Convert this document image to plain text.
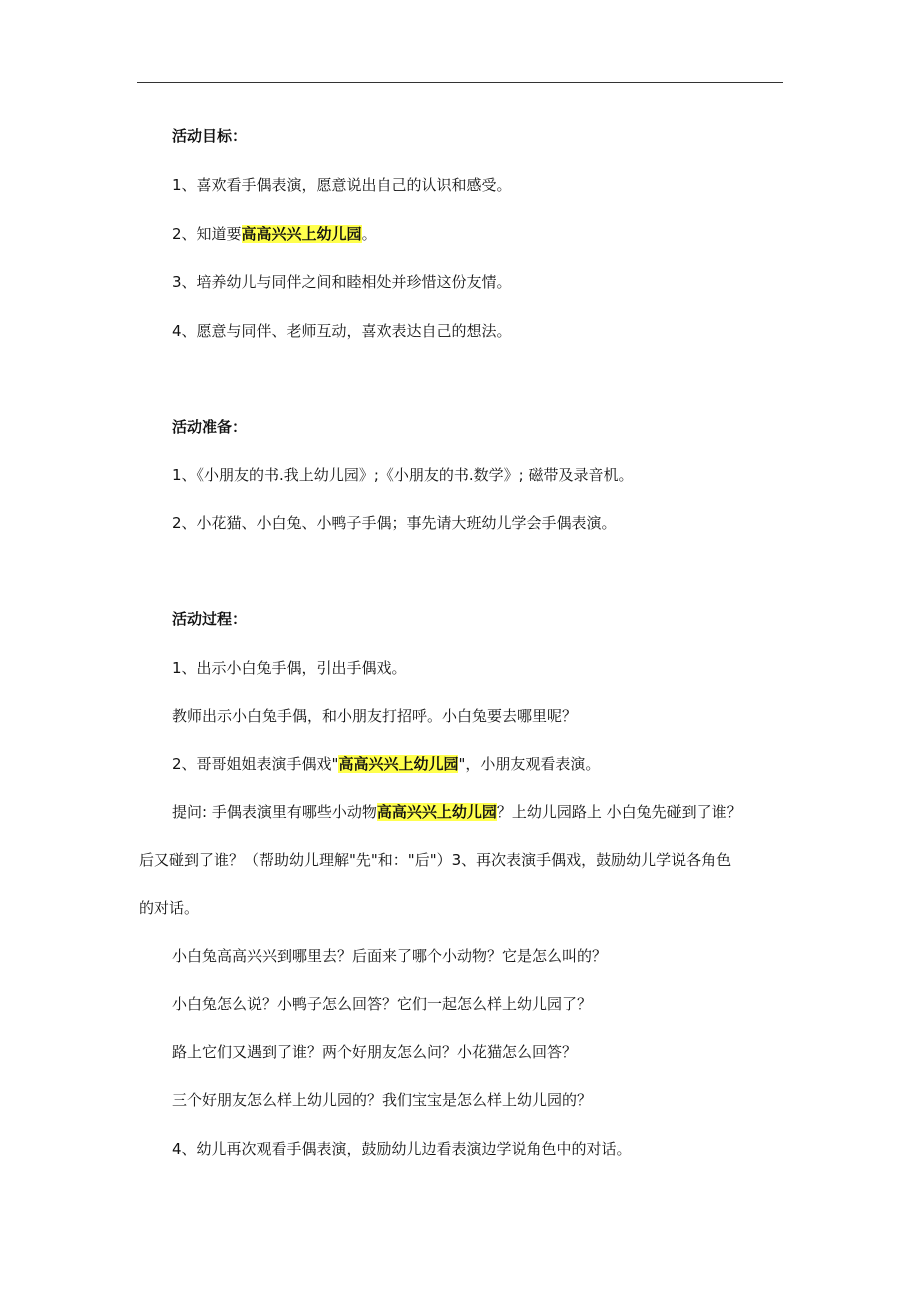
活动目标：
1、喜欢看手偶表演，愿意说出自己的认识和感受。
2、知道要高高兴兴上幼儿园。
3、培养幼儿与同伴之间和睦相处并珍惜这份友情。
4、愿意与同伴、老师互动，喜欢表达自己的想法。
活动准备：
1、《小朋友的书.我上幼儿园》;《小朋友的书.数学》; 磁带及录音机。
2、小花猫、小白兔、小鸭子手偶；事先请大班幼儿学会手偶表演。
活动过程：
1、出示小白兔手偶，引出手偶戏。
教师出示小白兔手偶，和小朋友打招呼。小白兔要去哪里呢？
2、哥哥姐姐表演手偶戏"高高兴兴上幼儿园"，小朋友观看表演。
提问: 手偶表演里有哪些小动物高高兴兴上幼儿园？上幼儿园路上 小白兔先碰到了谁？
后又碰到了谁？（帮助幼儿理解"先"和："后"）3、再次表演手偶戏，鼓励幼儿学说各角色
的对话。
小白兔高高兴兴到哪里去？后面来了哪个小动物？它是怎么叫的？
小白兔怎么说？小鸭子怎么回答？它们一起怎么样上幼儿园了？
路上它们又遇到了谁？两个好朋友怎么问？小花猫怎么回答？
三个好朋友怎么样上幼儿园的？我们宝宝是怎么样上幼儿园的？
4、幼儿再次观看手偶表演，鼓励幼儿边看表演边学说角色中的对话。
